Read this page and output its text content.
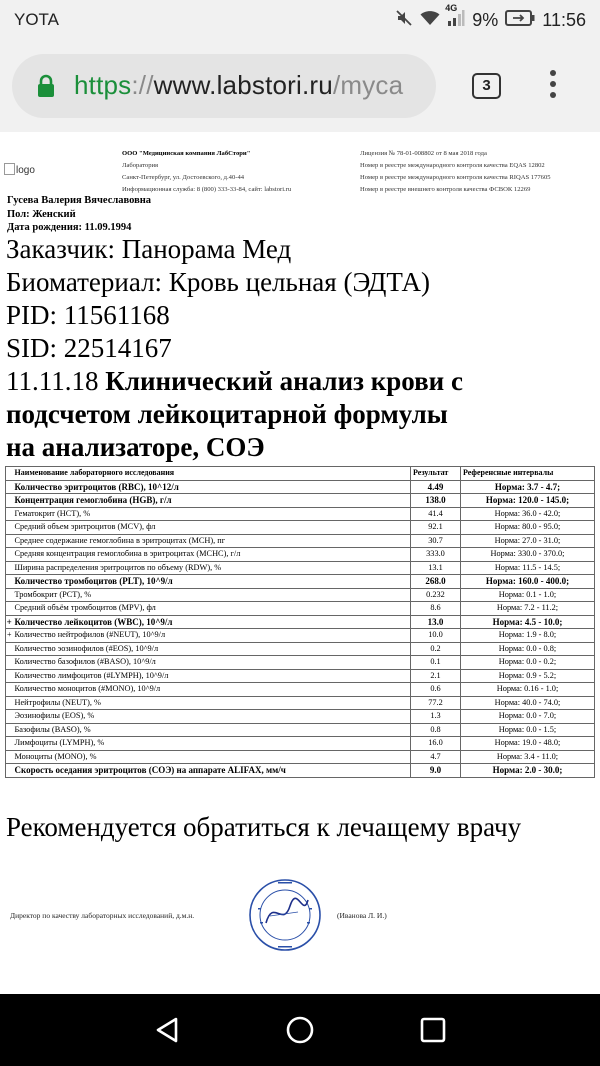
YOTA
4G
9% 11:56
https://www.labstori.ru/myca	3
logo
ООО "Медицинская компания ЛабСтори"
Лаборатория
Санкт-Петербург, ул. Достоевского, д.40-44
Информационная служба: 8 (800) 333-33-84, сайт: labstori.ru
Лицензия № 78-01-008802 от 8 мая 2018 года
Номер в реестре международного контроля качества EQAS 12802
Номер в реестре международного контроля качества RIQAS 177605
Номер в реестре внешнего контроля качества ФСВОК 12269
Гусева Валерия Вячеславовна
Пол: Женский
Дата рождения: 11.09.1994
Заказчик: Панорама Мед
Биоматериал: Кровь цельная (ЭДТА)
PID: 11561168
SID: 22514167
11.11.18 Клинический анализ крови с
подсчетом лейкоцитарной формулы
на анализаторе, СОЭ
	Наименование лабораторного исследования	Результат	Референсные интервалы
	Количество эритроцитов (RBC), 10^12/л	4.49	Норма: 3.7 - 4.7;
	Концентрация гемоглобина (HGB), г/л	138.0	Норма: 120.0 - 145.0;
	Гематокрит (HCT), %	41.4	Норма: 36.0 - 42.0;
	Средний объем эритроцитов (MCV), фл	92.1	Норма: 80.0 - 95.0;
	Среднее содержание гемоглобина в эритроцитах (MCH), пг	30.7	Норма: 27.0 - 31.0;
	Средняя концентрация гемоглобина в эритроцитах (MCHC), г/л	333.0	Норма: 330.0 - 370.0;
	Ширина распределения эритроцитов по объему (RDW), %	13.1	Норма: 11.5 - 14.5;
	Количество тромбоцитов (PLT), 10^9/л	268.0	Норма: 160.0 - 400.0;
	Тромбокрит (PCT), %	0.232	Норма: 0.1 - 1.0;
	Средний объём тромбоцитов (MPV), фл	8.6	Норма: 7.2 - 11.2;
+	Количество лейкоцитов (WBC), 10^9/л	13.0	Норма: 4.5 - 10.0;
+	Количество нейтрофилов (#NEUT), 10^9/л	10.0	Норма: 1.9 - 8.0;
	Количество эозинофилов (#EOS), 10^9/л	0.2	Норма: 0.0 - 0.8;
	Количество базофилов (#BASO), 10^9/л	0.1	Норма: 0.0 - 0.2;
	Количество лимфоцитов (#LYMPH), 10^9/л	2.1	Норма: 0.9 - 5.2;
	Количество моноцитов (#MONO), 10^9/л	0.6	Норма: 0.16 - 1.0;
	Нейтрофилы (NEUT), %	77.2	Норма: 40.0 - 74.0;
	Эозинофилы (EOS), %	1.3	Норма: 0.0 - 7.0;
	Базофилы (BASO), %	0.8	Норма: 0.0 - 1.5;
	Лимфоциты (LYMPH), %	16.0	Норма: 19.0 - 48.0;
	Моноциты (MONO), %	4.7	Норма: 3.4 - 11.0;
	Скорость оседания эритроцитов (СОЭ) на аппарате ALIFAX, мм/ч	9.0	Норма: 2.0 - 30.0;
Рекомендуется обратиться к лечащему врачу
Директор по качеству лабораторных исследований, д.м.н.	(Иванова Л. И.)
